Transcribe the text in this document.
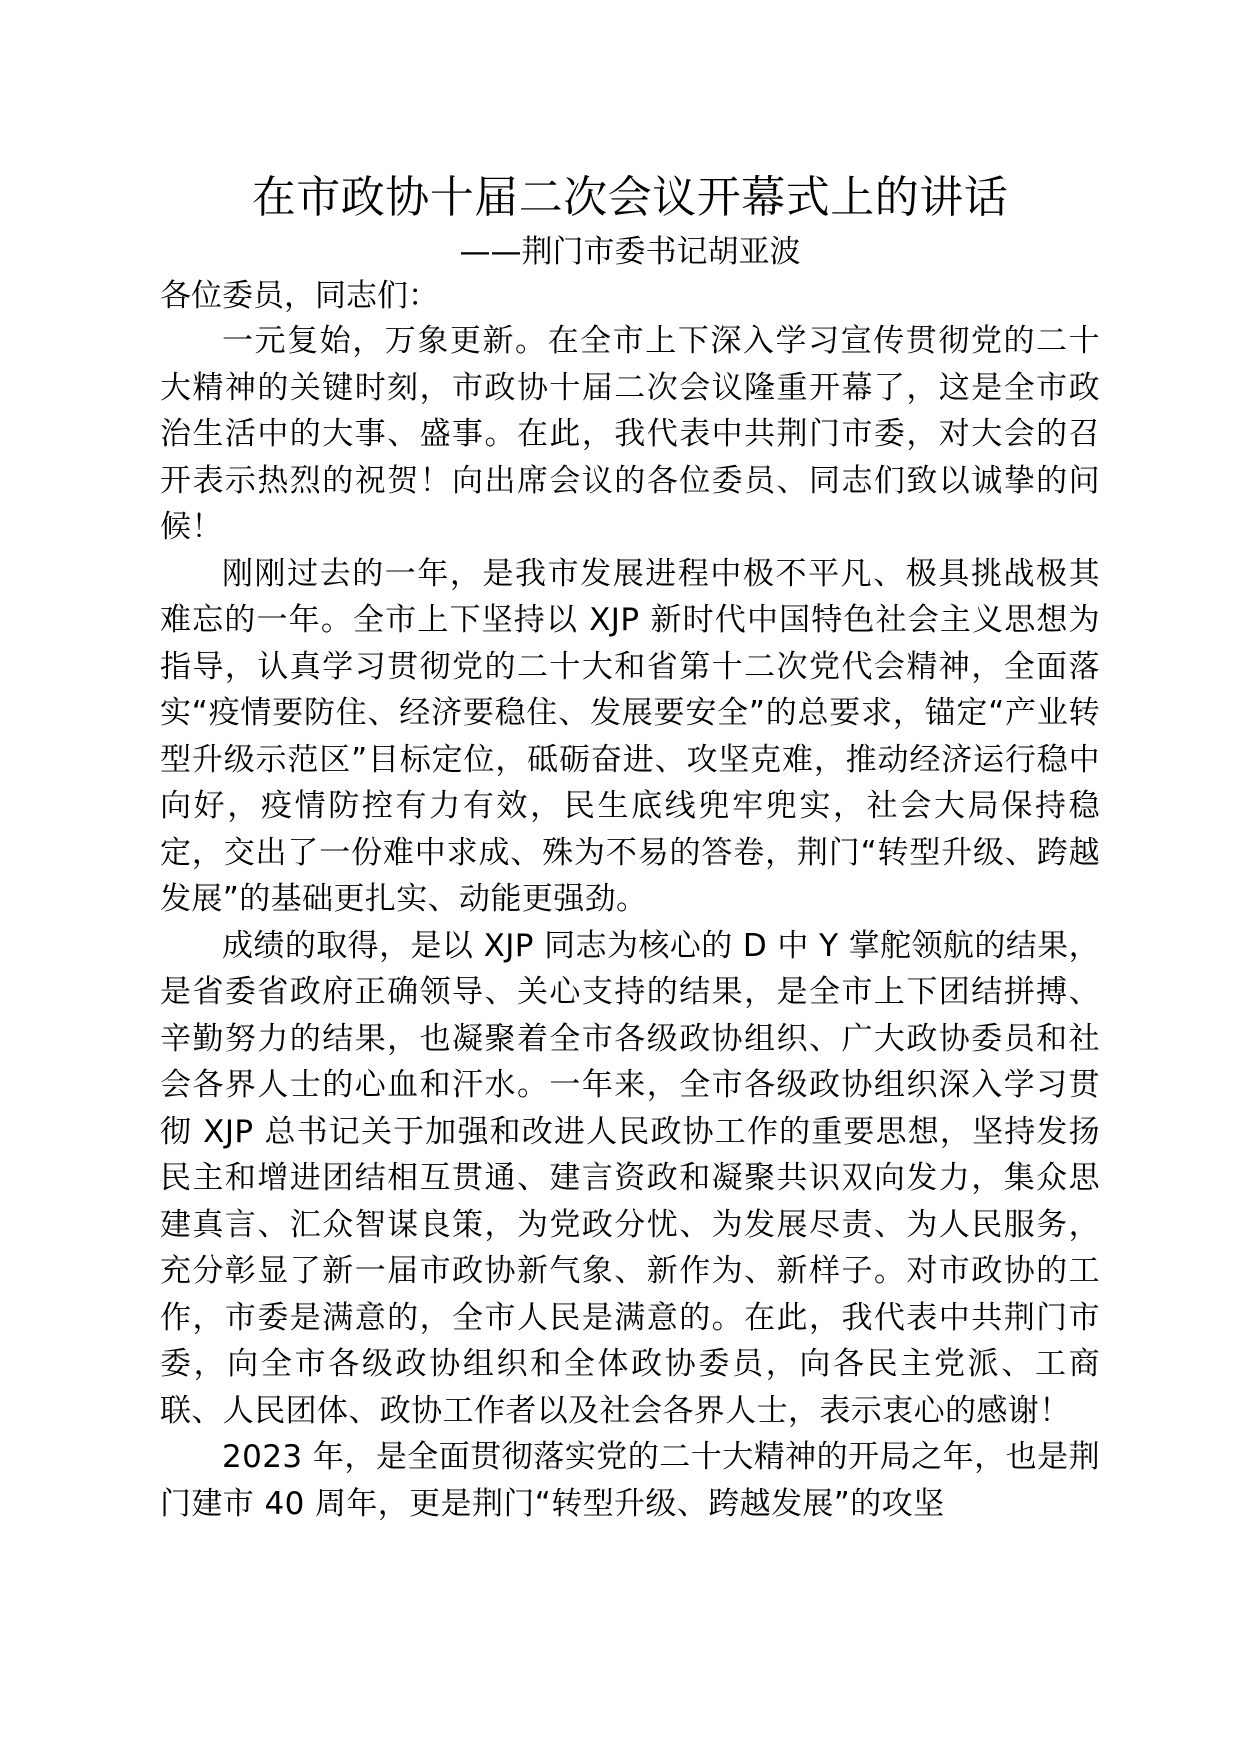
在市政协十届二次会议开幕式上的讲话

——荆门市委书记胡亚波

各位委员，同志们：

一元复始，万象更新。在全市上下深入学习宣传贯彻党的二十大精神的关键时刻，市政协十届二次会议隆重开幕了，这是全市政治生活中的大事、盛事。在此，我代表中共荆门市委，对大会的召开表示热烈的祝贺！向出席会议的各位委员、同志们致以诚挚的问候！

刚刚过去的一年，是我市发展进程中极不平凡、极具挑战极其难忘的一年。全市上下坚持以 XJP 新时代中国特色社会主义思想为指导，认真学习贯彻党的二十大和省第十二次党代会精神，全面落实“疫情要防住、经济要稳住、发展要安全”的总要求，锚定“产业转型升级示范区”目标定位，砥砺奋进、攻坚克难，推动经济运行稳中向好，疫情防控有力有效，民生底线兜牢兜实，社会大局保持稳定，交出了一份难中求成、殊为不易的答卷，荆门“转型升级、跨越发展”的基础更扎实、动能更强劲。

成绩的取得，是以 XJP 同志为核心的 D 中 Y 掌舵领航的结果，是省委省政府正确领导、关心支持的结果，是全市上下团结拼搏、辛勤努力的结果，也凝聚着全市各级政协组织、广大政协委员和社会各界人士的心血和汗水。一年来，全市各级政协组织深入学习贯彻 XJP 总书记关于加强和改进人民政协工作的重要思想，坚持发扬民主和增进团结相互贯通、建言资政和凝聚共识双向发力，集众思建真言、汇众智谋良策，为党政分忧、为发展尽责、为人民服务，充分彰显了新一届市政协新气象、新作为、新样子。对市政协的工作，市委是满意的，全市人民是满意的。在此，我代表中共荆门市委，向全市各级政协组织和全体政协委员，向各民主党派、工商联、人民团体、政协工作者以及社会各界人士，表示衷心的感谢！

2023 年，是全面贯彻落实党的二十大精神的开局之年，也是荆门建市 40 周年，更是荆门“转型升级、跨越发展”的攻坚
